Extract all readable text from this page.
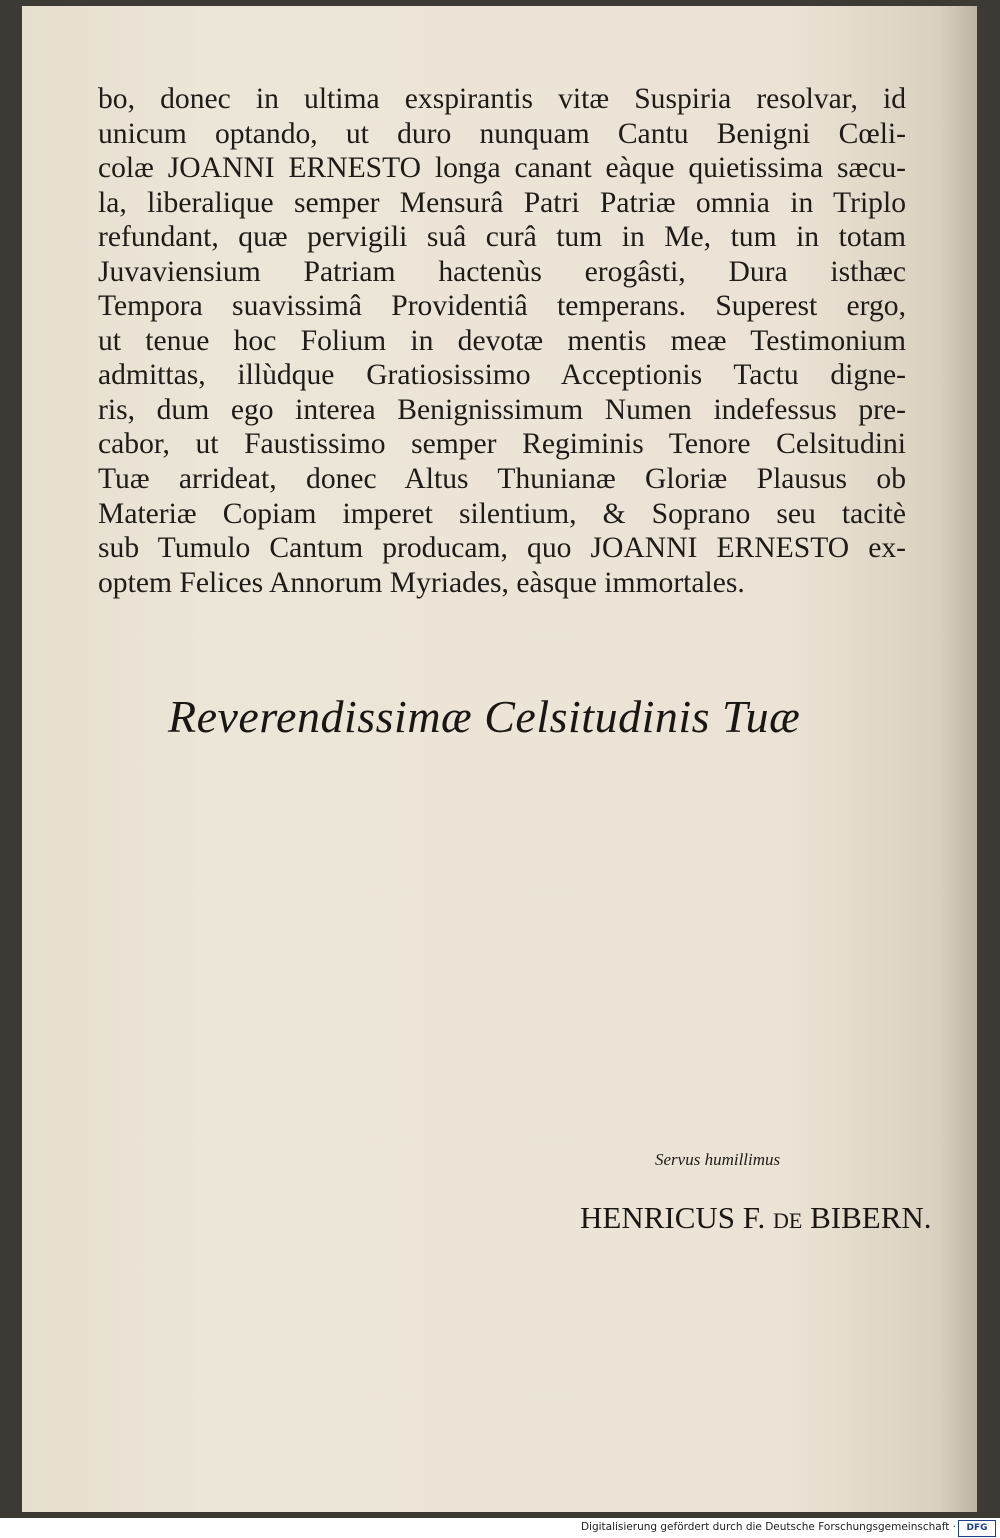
bo, donec in ultima exspirantis vitæ Suspiria resolvar, id
unicum optando, ut duro nunquam Cantu Benigni Cœli-
colæ JOANNI ERNESTO longa canant eàque quietissima sæcu-
la, liberalique semper Mensurâ Patri Patriæ omnia in Triplo
refundant, quæ pervigili suâ curâ tum in Me, tum in totam
Juvaviensium Patriam hactenùs erogâsti, Dura isthæc
Tempora suavissimâ Providentiâ temperans. Superest ergo,
ut tenue hoc Folium in devotæ mentis meæ Testimonium
admittas, illùdque Gratiosissimo Acceptionis Tactu digne-
ris, dum ego interea Benignissimum Numen indefessus pre-
cabor, ut Faustissimo semper Regiminis Tenore Celsitudini
Tuæ arrideat, donec Altus Thunianæ Gloriæ Plausus ob
Materiæ Copiam imperet silentium, & Soprano seu tacitè
sub Tumulo Cantum producam, quo JOANNI ERNESTO ex-
optem Felices Annorum Myriades, eàsque immortales.

Reverendissimæ Celsitudinis Tuæ

Servus humillimus

HENRICUS F. de BIBERN.

Digitalisierung gefördert durch die Deutsche Forschungsgemeinschaft ·	DFG
